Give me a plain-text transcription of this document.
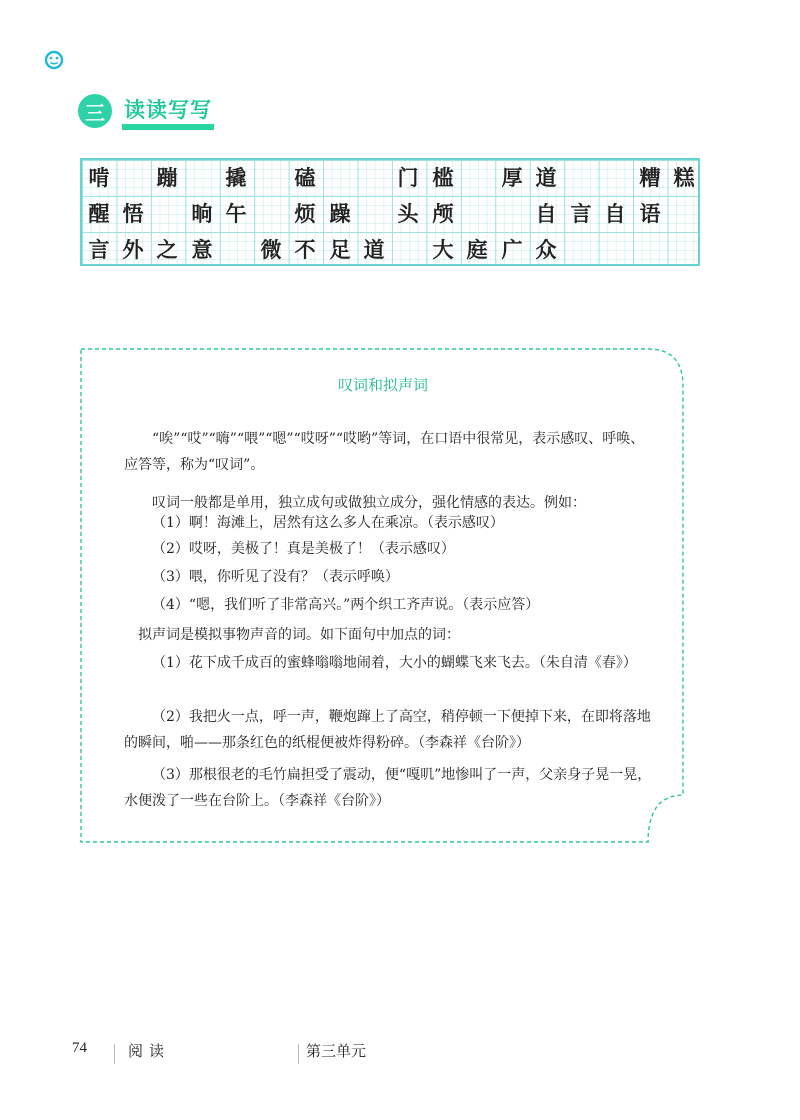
三 读读写写
啃	蹦	撬	磕	门 槛	厚 道	糟 糕
醒 悟	晌 午	烦 躁	头 颅	自 言 自 语
言 外 之 意	微 不 足 道	大 庭 广 众
叹词和拟声词

“唉”“哎”“嗨”“喂”“嗯”“哎呀”“哎哟”等词，在口语中很常见，表示感叹、呼唤、应答等，称为“叹词”。

叹词一般都是单用，独立成句或做独立成分，强化情感的表达。例如：

（1）啊！海滩上，居然有这么多人在乘凉。（表示感叹）

（2）哎呀，美极了！真是美极了！（表示感叹）

（3）喂，你听见了没有？（表示呼唤）

（4）“嗯，我们听了非常高兴。”两个织工齐声说。（表示应答）

拟声词是模拟事物声音的词。如下面句中加点的词：

（1）花下成千成百的蜜蜂嗡嗡地闹着，大小的蝴蝶飞来飞去。（朱自清《春》）

（2）我把火一点，呼一声，鞭炮蹿上了高空，稍停顿一下便掉下来，在即将落地的瞬间，啪——那条红色的纸棍便被炸得粉碎。（李森祥《台阶》）

（3）那根很老的毛竹扁担受了震动，便“嘎叽”地惨叫了一声，父亲身子晃一晃，水便泼了一些在台阶上。（李森祥《台阶》）

74	阅读	第三单元
